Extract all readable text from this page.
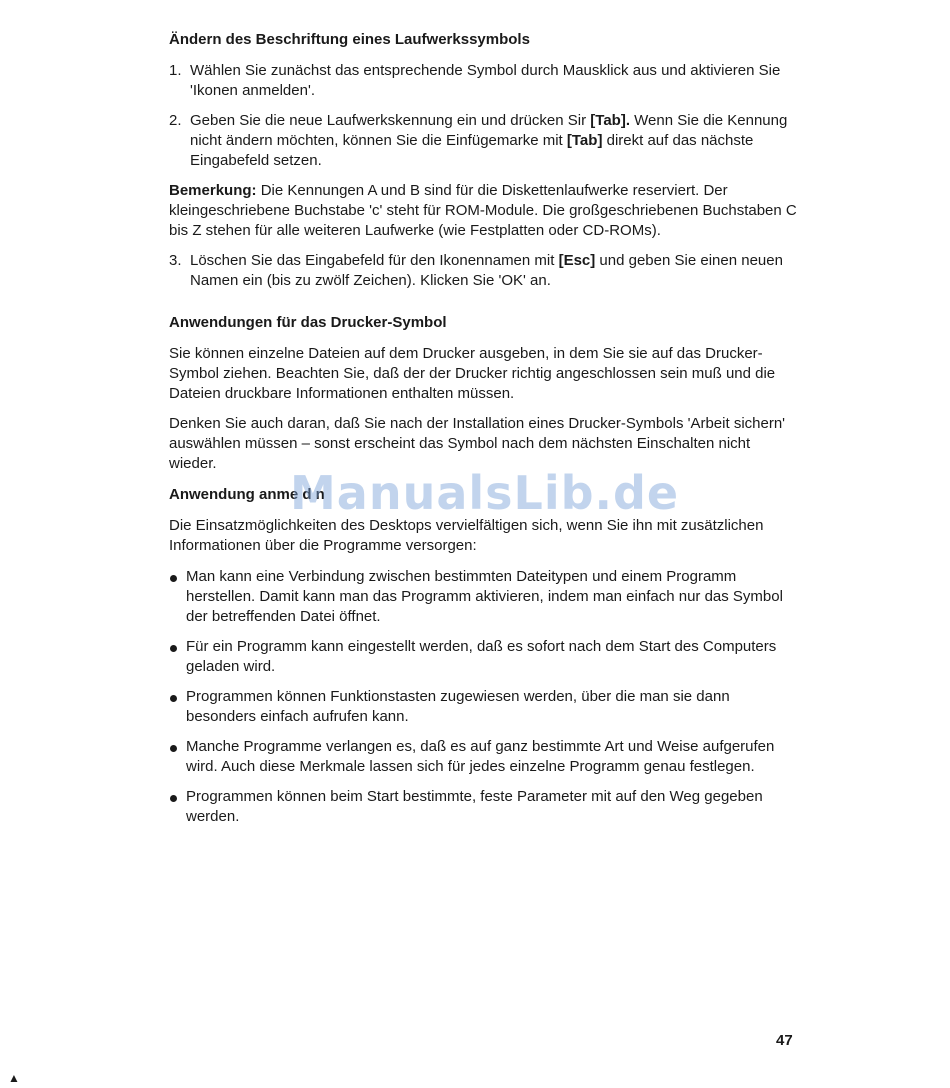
Ändern des Beschriftung eines Laufwerkssymbols
1. Wählen Sie zunächst das entsprechende Symbol durch Mausklick aus und aktivieren Sie 'Ikonen anmelden'.
2. Geben Sie die neue Laufwerkskennung ein und drücken Sir [Tab]. Wenn Sie die Kennung nicht ändern möchten, können Sie die Einfügemarke mit [Tab] direkt auf das nächste Eingabefeld setzen.

Bemerkung: Die Kennungen A und B sind für die Diskettenlaufwerke reserviert. Der kleingeschriebene Buchstabe 'c' steht für ROM-Module. Die großgeschriebenen Buchstaben C bis Z stehen für alle weiteren Laufwerke (wie Festplatten oder CD-ROMs).

3. Löschen Sie das Eingabefeld für den Ikonennamen mit [Esc] und geben Sie einen neuen Namen ein (bis zu zwölf Zeichen). Klicken Sie 'OK' an.
Anwendungen für das Drucker-Symbol

Sie können einzelne Dateien auf dem Drucker ausgeben, in dem Sie sie auf das Drucker-Symbol ziehen. Beachten Sie, daß der der Drucker richtig angeschlossen sein muß und die Dateien druckbare Informationen enthalten müssen.

Denken Sie auch daran, daß Sie nach der Installation eines Drucker-Symbols 'Arbeit sichern' auswählen müssen – sonst erscheint das Symbol nach dem nächsten Einschalten nicht wieder.

Anwendung anme d n

Die Einsatzmöglichkeiten des Desktops vervielfältigen sich, wenn Sie ihn mit zusätzlichen Informationen über die Programme versorgen:

Man kann eine Verbindung zwischen bestimmten Dateitypen und einem Programm herstellen. Damit kann man das Programm aktivieren, indem man einfach nur das Symbol der betreffenden Datei öffnet.
Für ein Programm kann eingestellt werden, daß es sofort nach dem Start des Computers geladen wird.
Programmen können Funktionstasten zugewiesen werden, über die man sie dann besonders einfach aufrufen kann.
Manche Programme verlangen es, daß es auf ganz bestimmte Art und Weise aufgerufen wird. Auch diese Merkmale lassen sich für jedes einzelne Programm genau festlegen.
Programmen können beim Start bestimmte, feste Parameter mit auf den Weg gegeben werden.
ManualsLib.de
47
▲
